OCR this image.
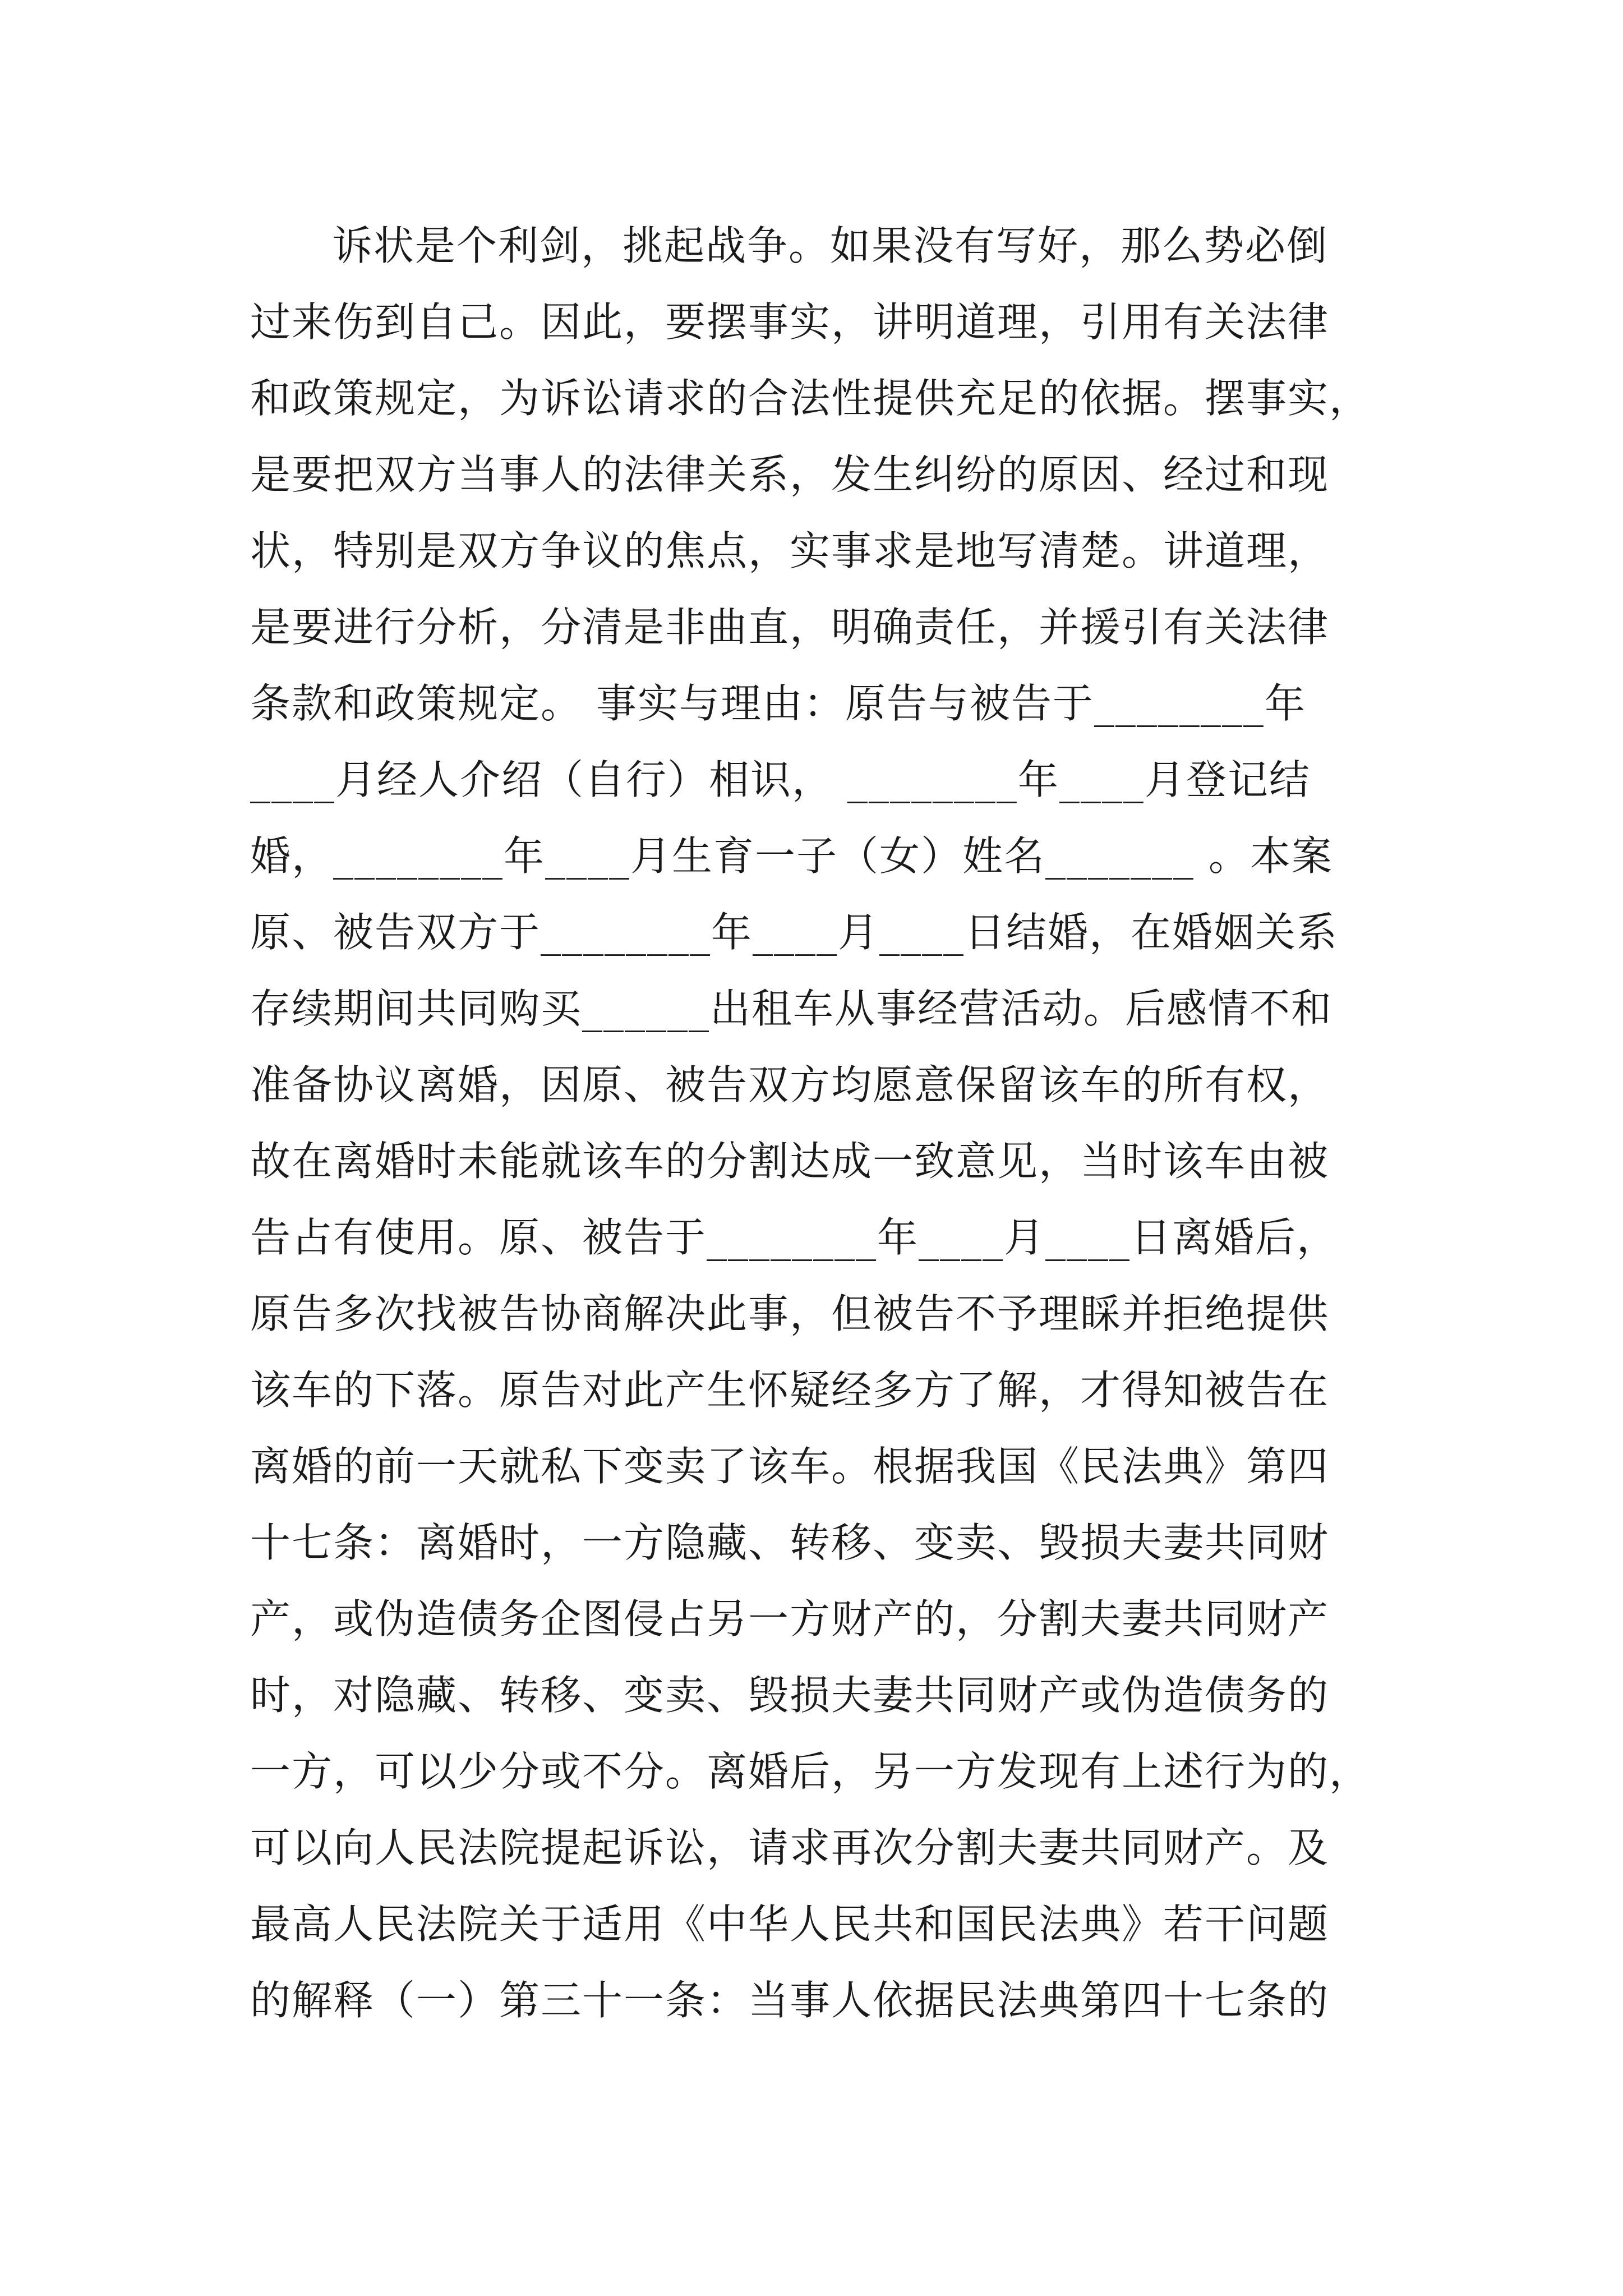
诉状是个利剑，挑起战争。如果没有写好，那么势必倒
过来伤到自己。因此，要摆事实，讲明道理，引用有关法律
和政策规定，为诉讼请求的合法性提供充足的依据。摆事实，
是要把双方当事人的法律关系，发生纠纷的原因、经过和现
状，特别是双方争议的焦点，实事求是地写清楚。讲道理，
是要进行分析，分清是非曲直，明确责任，并援引有关法律
条款和政策规定。 事实与理由：原告与被告于________年
____月经人介绍（自行）相识， ________年____月登记结
婚，________年____月生育一子（女）姓名_______ 。本案
原、被告双方于________年____月____日结婚，在婚姻关系
存续期间共同购买______出租车从事经营活动。后感情不和
准备协议离婚，因原、被告双方均愿意保留该车的所有权，
故在离婚时未能就该车的分割达成一致意见，当时该车由被
告占有使用。原、被告于________年____月____日离婚后，
原告多次找被告协商解决此事，但被告不予理睬并拒绝提供
该车的下落。原告对此产生怀疑经多方了解，才得知被告在
离婚的前一天就私下变卖了该车。根据我国《民法典》第四
十七条：离婚时，一方隐藏、转移、变卖、毁损夫妻共同财
产，或伪造债务企图侵占另一方财产的，分割夫妻共同财产
时，对隐藏、转移、变卖、毁损夫妻共同财产或伪造债务的
一方，可以少分或不分。离婚后，另一方发现有上述行为的，
可以向人民法院提起诉讼，请求再次分割夫妻共同财产。及
最高人民法院关于适用《中华人民共和国民法典》若干问题
的解释（一）第三十一条：当事人依据民法典第四十七条的
